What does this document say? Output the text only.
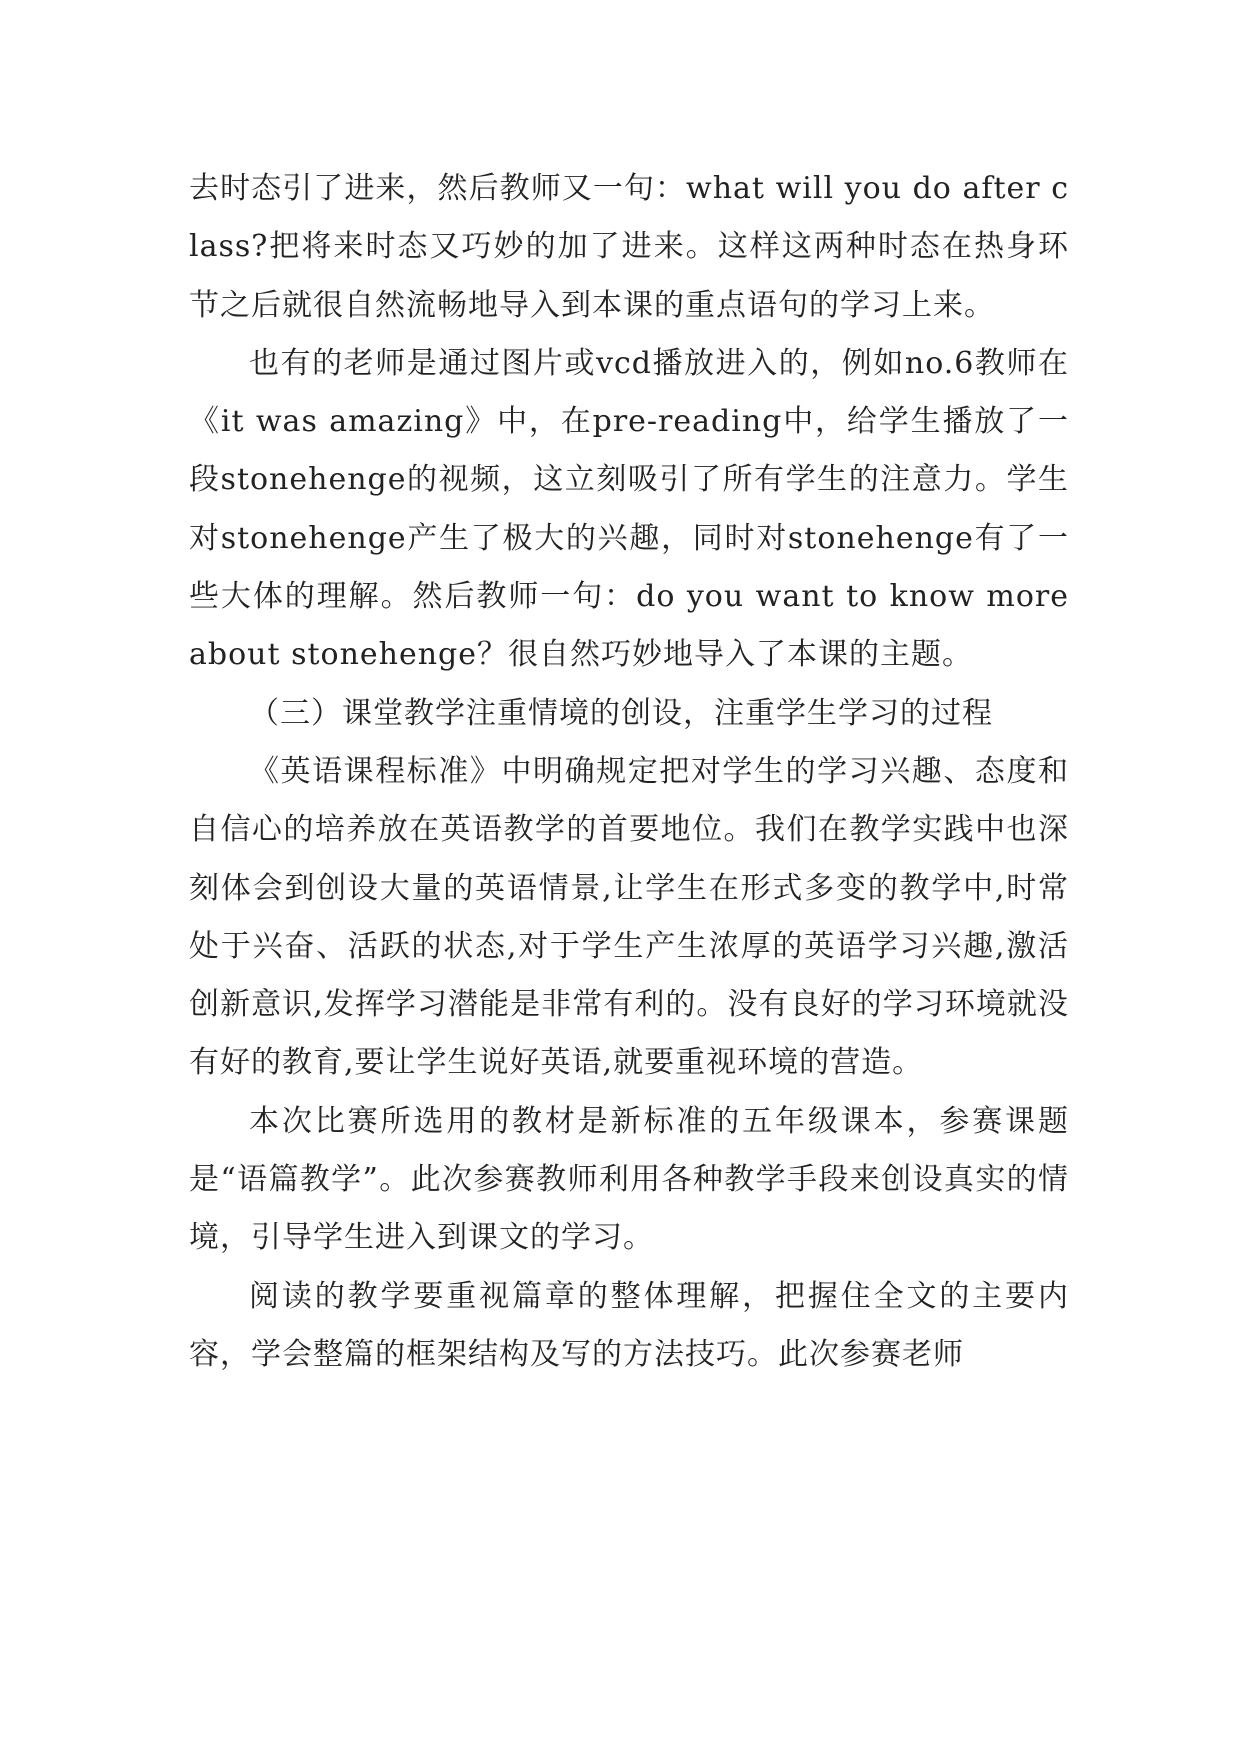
去时态引了进来，然后教师又一句：what will you do after class?把将来时态又巧妙的加了进来。这样这两种时态在热身环节之后就很自然流畅地导入到本课的重点语句的学习上来。

也有的老师是通过图片或vcd播放进入的，例如no.6教师在《it was amazing》中，在pre-reading中，给学生播放了一段stonehenge的视频，这立刻吸引了所有学生的注意力。学生对stonehenge产生了极大的兴趣，同时对stonehenge有了一些大体的理解。然后教师一句：do you want to know more about stonehenge？很自然巧妙地导入了本课的主题。

（三）课堂教学注重情境的创设，注重学生学习的过程

《英语课程标准》中明确规定把对学生的学习兴趣、态度和自信心的培养放在英语教学的首要地位。我们在教学实践中也深刻体会到创设大量的英语情景,让学生在形式多变的教学中,时常处于兴奋、活跃的状态,对于学生产生浓厚的英语学习兴趣,激活创新意识,发挥学习潜能是非常有利的。没有良好的学习环境就没有好的教育,要让学生说好英语,就要重视环境的营造。

本次比赛所选用的教材是新标准的五年级课本，参赛课题是“语篇教学”。此次参赛教师利用各种教学手段来创设真实的情境，引导学生进入到课文的学习。

阅读的教学要重视篇章的整体理解，把握住全文的主要内容，学会整篇的框架结构及写的方法技巧。此次参赛老师
